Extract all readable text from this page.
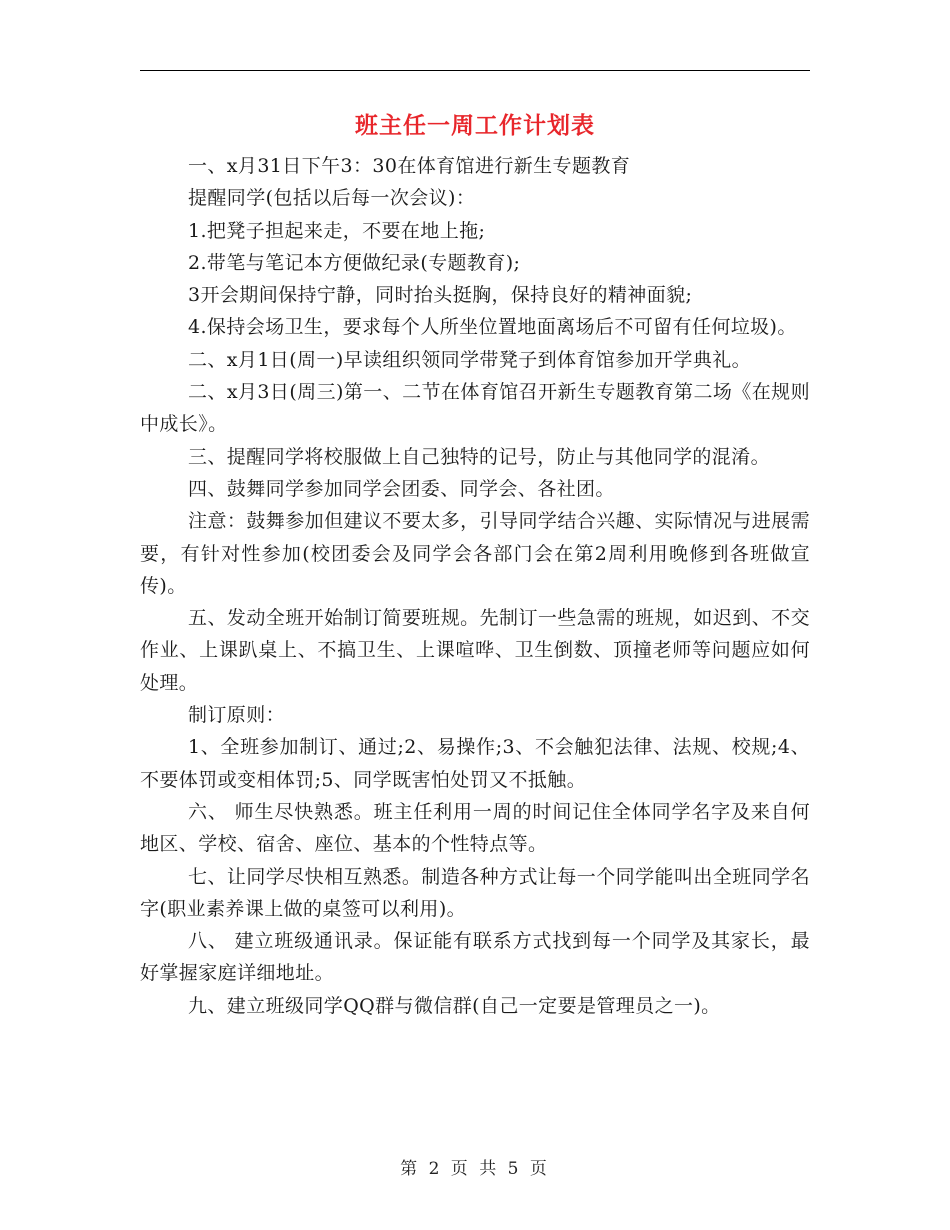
班主任一周工作计划表

一、x月31日下午3：30在体育馆进行新生专题教育

提醒同学(包括以后每一次会议)：

1.把凳子担起来走，不要在地上拖;

2.带笔与笔记本方便做纪录(专题教育);

3开会期间保持宁静，同时抬头挺胸，保持良好的精神面貌;

4.保持会场卫生，要求每个人所坐位置地面离场后不可留有任何垃圾)。

二、x月1日(周一)早读组织领同学带凳子到体育馆参加开学典礼。

二、x月3日(周三)第一、二节在体育馆召开新生专题教育第二场《在规则中成长》。

三、提醒同学将校服做上自己独特的记号，防止与其他同学的混淆。

四、鼓舞同学参加同学会团委、同学会、各社团。

注意：鼓舞参加但建议不要太多，引导同学结合兴趣、实际情况与进展需要，有针对性参加(校团委会及同学会各部门会在第2周利用晚修到各班做宣传)。

五、发动全班开始制订简要班规。先制订一些急需的班规，如迟到、不交作业、上课趴桌上、不搞卫生、上课喧哗、卫生倒数、顶撞老师等问题应如何处理。

制订原则：

1、全班参加制订、通过;2、易操作;3、不会触犯法律、法规、校规;4、不要体罚或变相体罚;5、同学既害怕处罚又不抵触。

六、 师生尽快熟悉。班主任利用一周的时间记住全体同学名字及来自何地区、学校、宿舍、座位、基本的个性特点等。

七、让同学尽快相互熟悉。制造各种方式让每一个同学能叫出全班同学名字(职业素养课上做的桌签可以利用)。

八、 建立班级通讯录。保证能有联系方式找到每一个同学及其家长，最好掌握家庭详细地址。

九、建立班级同学QQ群与微信群(自己一定要是管理员之一)。

第 2 页 共 5 页
